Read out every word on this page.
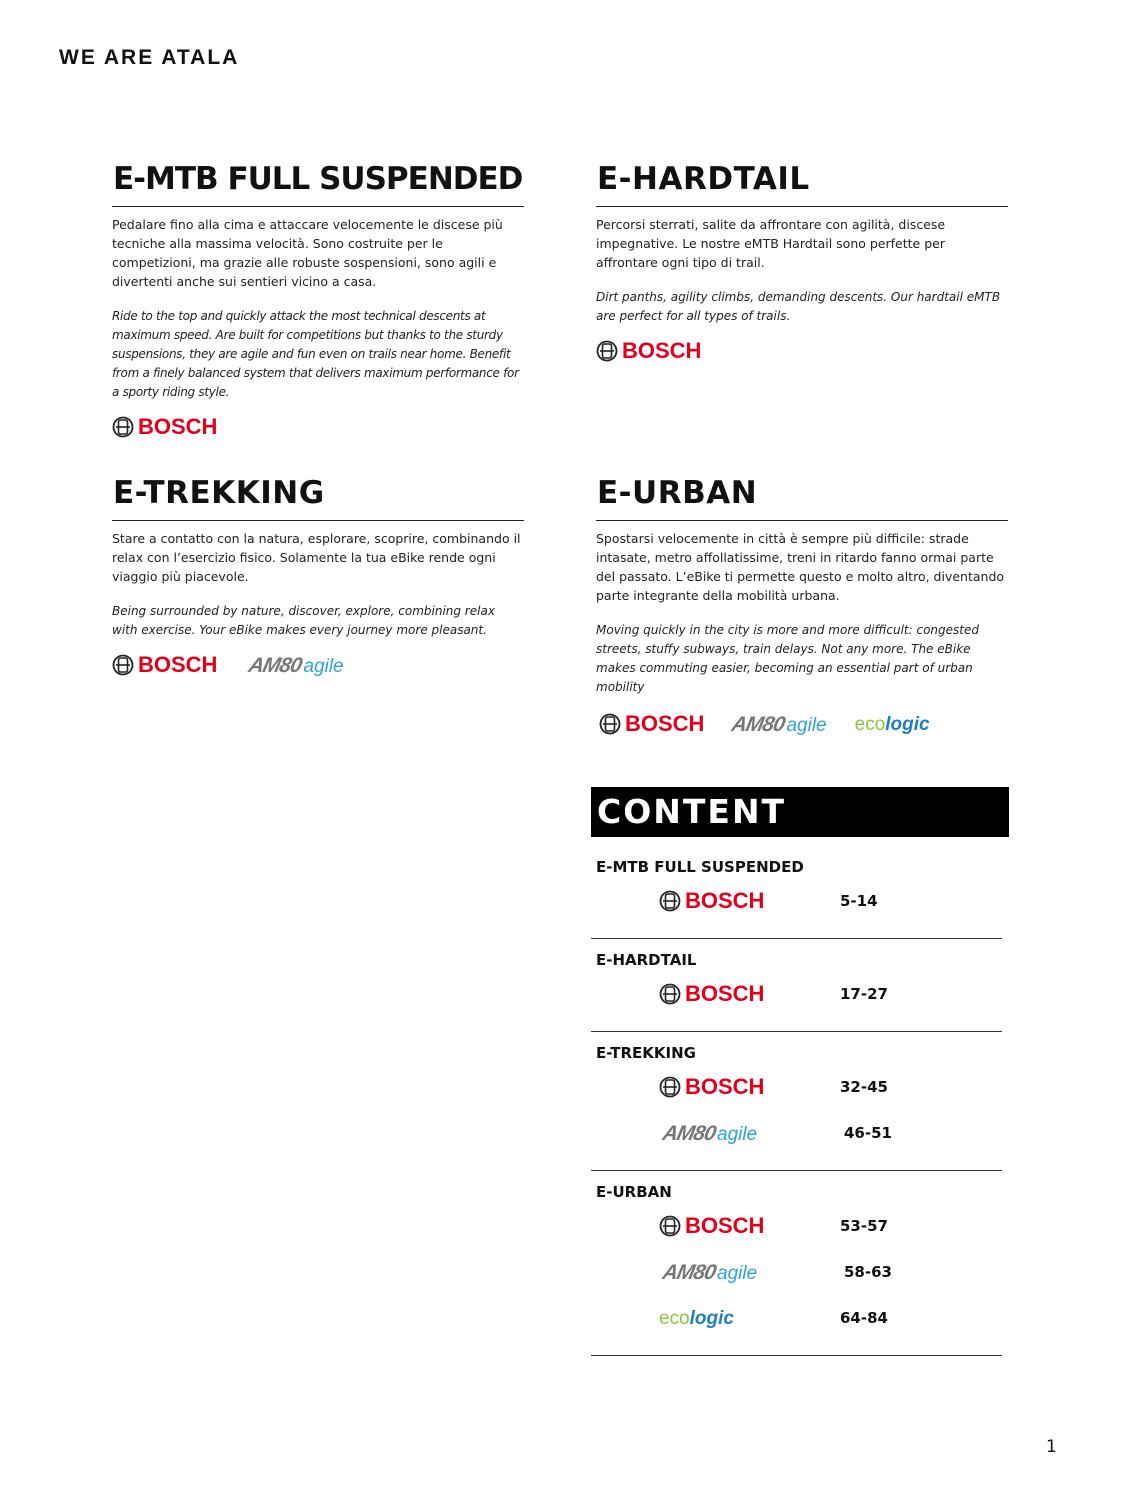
WE ARE ATALA
E-MTB FULL SUSPENDED

Pedalare fino alla cima e attaccare velocemente le discese più tecniche alla massima velocità. Sono costruite per le competizioni, ma grazie alle robuste sospensioni, sono agili e divertenti anche sui sentieri vicino a casa.

Ride to the top and quickly attack the most technical descents at maximum speed. Are built for competitions but thanks to the sturdy suspensions, they are agile and fun even on trails near home. Benefit from a finely balanced system that delivers maximum performance for a sporty riding style.

BOSCH
E-HARDTAIL

Percorsi sterrati, salite da affrontare con agilità, discese impegnative. Le nostre eMTB Hardtail sono perfette per affrontare ogni tipo di trail.

Dirt panths, agility climbs, demanding descents. Our hardtail eMTB are perfect for all types of trails.

BOSCH
E-TREKKING

Stare a contatto con la natura, esplorare, scoprire, combinando il relax con l’esercizio fisico. Solamente la tua eBike rende ogni viaggio più piacevole.

Being surrounded by nature, discover, explore, combining relax with exercise. Your eBike makes every journey more pleasant.

BOSCH AM80 agile
E-URBAN

Spostarsi velocemente in città è sempre più difficile: strade intasate, metro affollatissime, treni in ritardo fanno ormai parte del passato. L’eBike ti permette questo e molto altro, diventando parte integrante della mobilità urbana.

Moving quickly in the city is more and more difficult: congested streets, stuffy subways, train delays. Not any more. The eBike makes commuting easier, becoming an essential part of urban mobility

BOSCH AM80 agile eco logic
CONTENT
E-MTB FULL SUSPENDED
BOSCH	5-14
E-HARDTAIL
BOSCH	17-27
E-TREKKING
BOSCH	32-45
AM80 agile	46-51
E-URBAN
BOSCH	53-57
AM80 agile	58-63
eco logic	64-84
1
